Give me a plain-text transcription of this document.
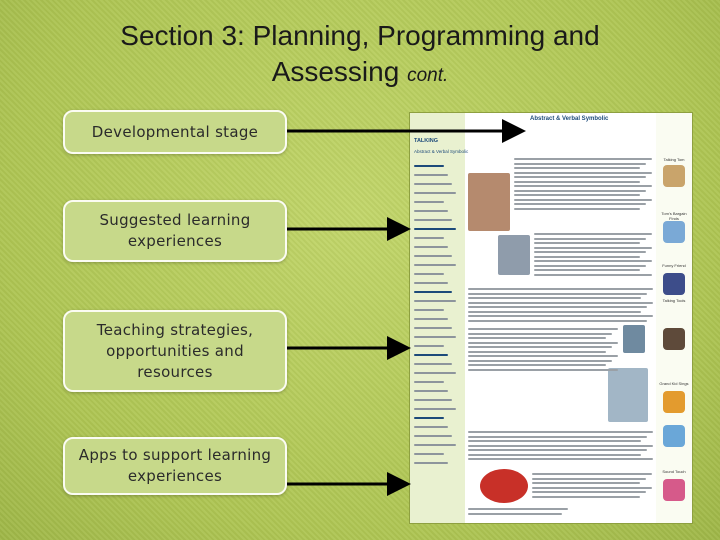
Section 3: Planning, Programming and
Assessing cont.
Developmental stage
Suggested learning experiences
Teaching strategies, opportunities and resources
Apps to support learning experiences
TALKING
Abstract & Verbal Symbolic
Abstract & Verbal Symbolic
Talking Tom
Tom's Bargain Finds
Funny Friend
Talking Tools
Grand Kid Sings
Sound Touch
